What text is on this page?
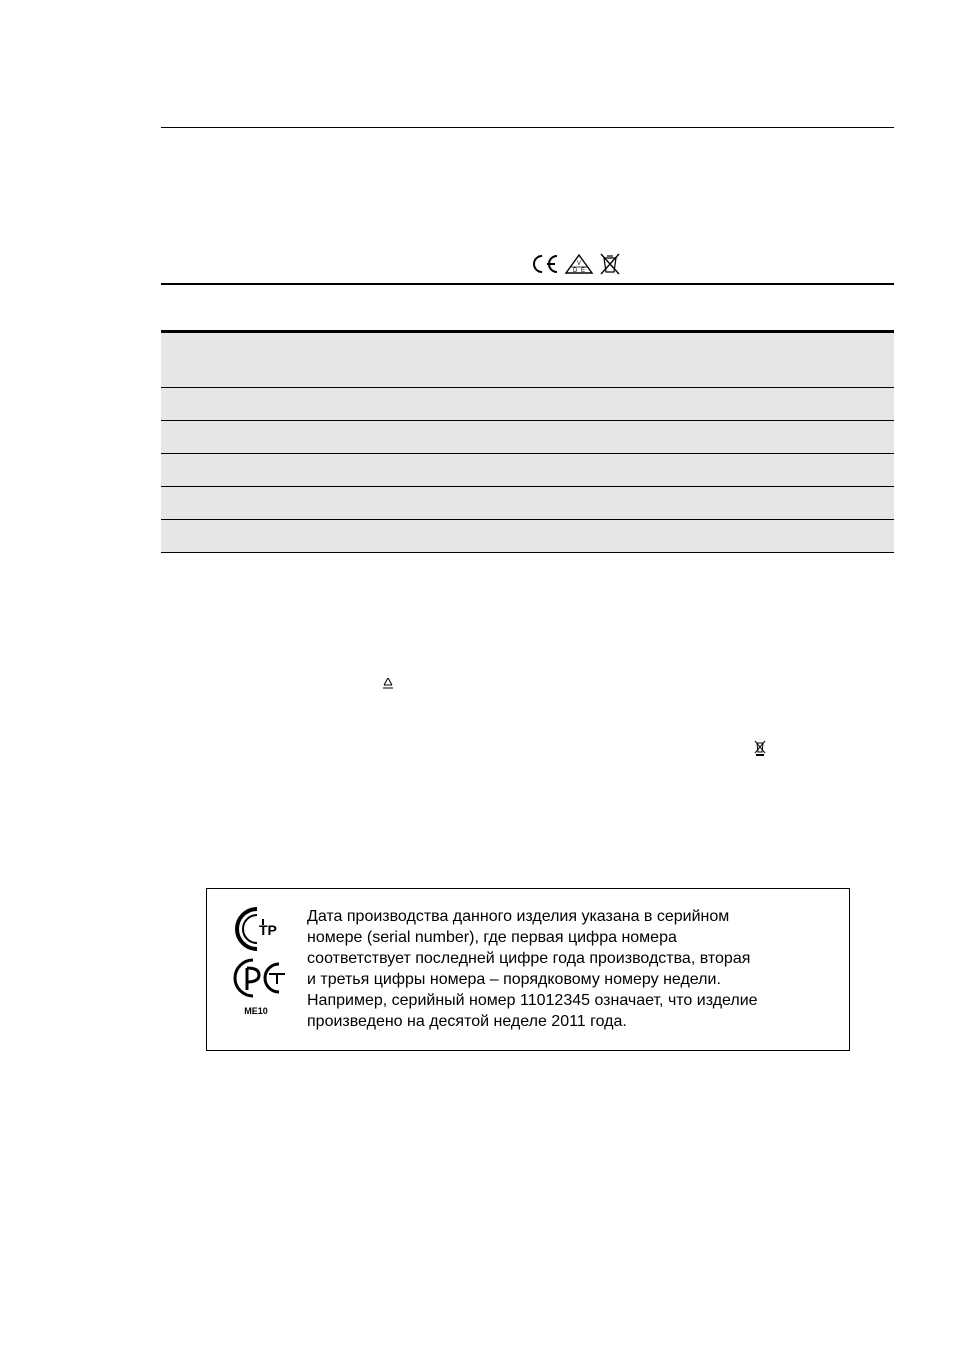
V
D E
ТР
ME10
Дата производства данного изделия указана в серийном
номере (serial number), где первая цифра номера
соответствует последней цифре года производства, вторая
и третья цифры номера – порядковому номеру недели.
Например, серийный номер 11012345 означает, что изделие
произведено на десятой неделе 2011 года.
